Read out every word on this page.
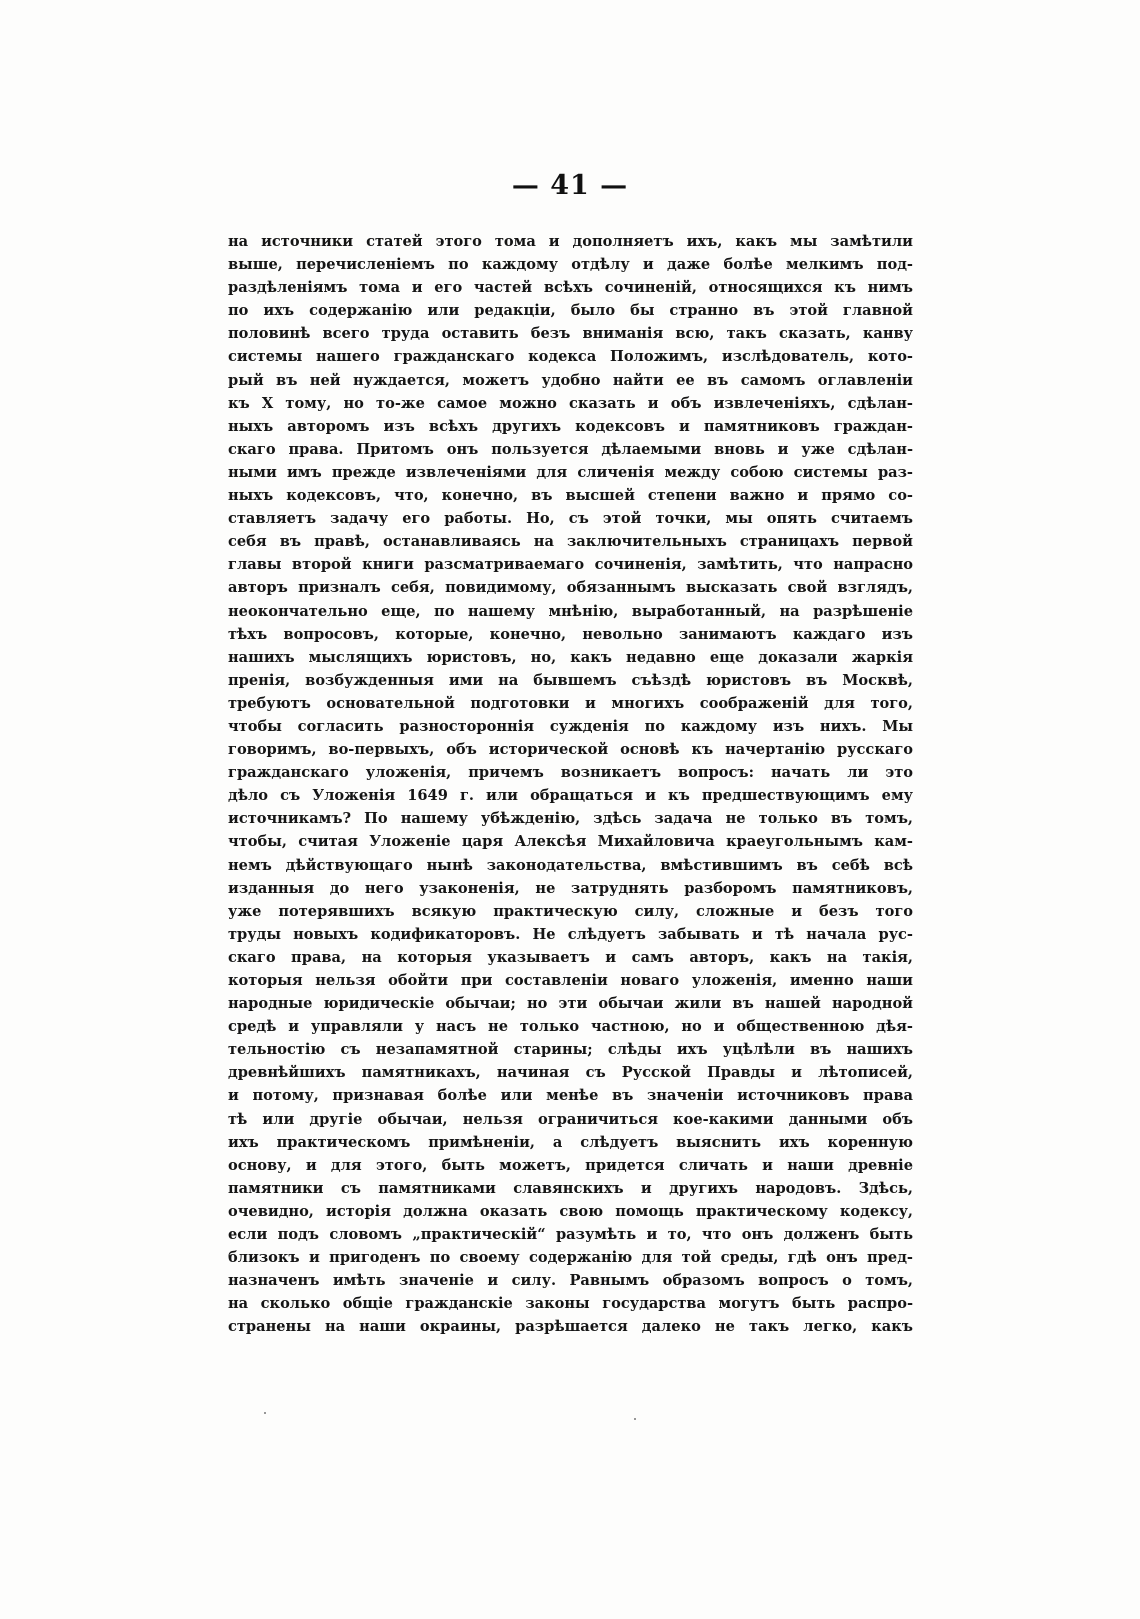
— 41 —
на источники статей этого тома и дополняетъ ихъ, какъ мы замѣтили
выше, перечисленіемъ по каждому отдѣлу и даже болѣе мелкимъ под-
раздѣленіямъ тома и его частей всѣхъ сочиненій, относящихся къ нимъ
по ихъ содержанію или редакціи, было бы странно въ этой главной
половинѣ всего труда оставить безъ вниманія всю, такъ сказать, канву
системы нашего гражданскаго кодекса Положимъ, изслѣдователь, кото-
рый въ ней нуждается, можетъ удобно найти ее въ самомъ оглавленіи
къ X тому, но то-же самое можно сказать и объ извлеченіяхъ, сдѣлан-
ныхъ авторомъ изъ всѣхъ другихъ кодексовъ и памятниковъ граждан-
скаго права. Притомъ онъ пользуется дѣлаемыми вновь и уже сдѣлан-
ными имъ прежде извлеченіями для сличенія между собою системы раз-
ныхъ кодексовъ, что, конечно, въ высшей степени важно и прямо со-
ставляетъ задачу его работы. Но, съ этой точки, мы опять считаемъ
себя въ правѣ, останавливаясь на заключительныхъ страницахъ первой
главы второй книги разсматриваемаго сочиненія, замѣтить, что напрасно
авторъ призналъ себя, повидимому, обязаннымъ высказать свой взглядъ,
неокончательно еще, по нашему мнѣнію, выработанный, на разрѣшеніе
тѣхъ вопросовъ, которые, конечно, невольно занимаютъ каждаго изъ
нашихъ мыслящихъ юристовъ, но, какъ недавно еще доказали жаркія
пренія, возбужденныя ими на бывшемъ съѣздѣ юристовъ въ Москвѣ,
требуютъ основательной подготовки и многихъ соображеній для того,
чтобы согласить разностороннія сужденія по каждому изъ нихъ. Мы
говоримъ, во-первыхъ, объ исторической основѣ къ начертанію русскаго
гражданскаго уложенія, причемъ возникаетъ вопросъ: начать ли это
дѣло съ Уложенія 1649 г. или обращаться и къ предшествующимъ ему
источникамъ? По нашему убѣжденію, здѣсь задача не только въ томъ,
чтобы, считая Уложеніе царя Алексѣя Михайловича краеугольнымъ кам-
немъ дѣйствующаго нынѣ законодательства, вмѣстившимъ въ себѣ всѣ
изданныя до него узаконенія, не затруднять разборомъ памятниковъ,
уже потерявшихъ всякую практическую силу, сложные и безъ того
труды новыхъ кодификаторовъ. Не слѣдуетъ забывать и тѣ начала рус-
скаго права, на которыя указываетъ и самъ авторъ, какъ на такія,
которыя нельзя обойти при составленіи новаго уложенія, именно наши
народные юридическіе обычаи; но эти обычаи жили въ нашей народной
средѣ и управляли у насъ не только частною, но и общественною дѣя-
тельностію съ незапамятной старины; слѣды ихъ уцѣлѣли въ нашихъ
древнѣйшихъ памятникахъ, начиная съ Русской Правды и лѣтописей,
и потому, признавая болѣе или менѣе въ значеніи источниковъ права
тѣ или другіе обычаи, нельзя ограничиться кое-какими данными объ
ихъ практическомъ примѣненіи, а слѣдуетъ выяснить ихъ коренную
основу, и для этого, быть можетъ, придется сличать и наши древніе
памятники съ памятниками славянскихъ и другихъ народовъ. Здѣсь,
очевидно, исторія должна оказать свою помощь практическому кодексу,
если подъ словомъ „практическій“ разумѣть и то, что онъ долженъ быть
близокъ и пригоденъ по своему содержанію для той среды, гдѣ онъ пред-
назначенъ имѣть значеніе и силу. Равнымъ образомъ вопросъ о томъ,
на сколько общіе гражданскіе законы государства могутъ быть распро-
странены на наши окраины, разрѣшается далеко не такъ легко, какъ
